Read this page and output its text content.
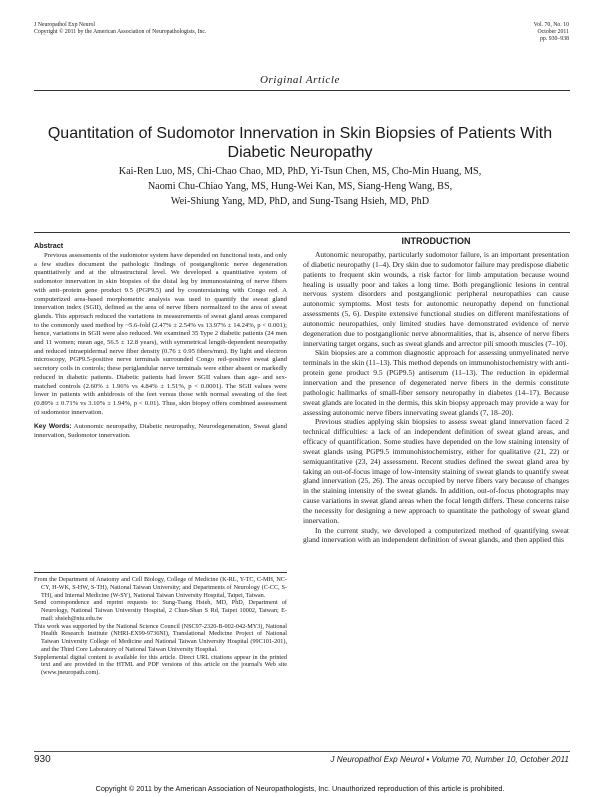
J Neuropathol Exp Neurol
Copyright © 2011 by the American Association of Neuropathologists, Inc.
Vol. 70, No. 10
October 2011
pp. 930–938
Original Article
Quantitation of Sudomotor Innervation in Skin Biopsies of Patients With Diabetic Neuropathy
Kai-Ren Luo, MS, Chi-Chao Chao, MD, PhD, Yi-Tsun Chen, MS, Cho-Min Huang, MS,
Naomi Chu-Chiao Yang, MS, Hung-Wei Kan, MS, Siang-Heng Wang, BS,
Wei-Shiung Yang, MD, PhD, and Sung-Tsang Hsieh, MD, PhD
Abstract

Previous assessments of the sudomotor system have depended on functional tests, and only a few studies document the pathologic findings of postganglionic nerve degeneration quantitatively and at the ultrastructural level. We developed a quantitative system of sudomotor innervation in skin biopsies of the distal leg by immunostaining of nerve fibers with anti–protein gene product 9.5 (PGP9.5) and by counterstaining with Congo red. A computerized area-based morphometric analysis was used to quantify the sweat gland innervation index (SGII), defined as the area of nerve fibers normalized to the area of sweat glands. This approach reduced the variations in measurements of sweat gland areas compared to the commonly used method by ~5.6-fold (2.47% ± 2.54% vs 13.97% ± 14.24%, p < 0.001); hence, variations in SGII were also reduced. We examined 35 Type 2 diabetic patients (24 men and 11 women; mean age, 56.5 ± 12.8 years), with symmetrical length-dependent neuropathy and reduced intraepidermal nerve fiber density (0.76 ± 0.95 fibers/mm). By light and electron microscopy, PGP9.5-positive nerve terminals surrounded Congo red–positive sweat gland secretory coils in controls; these periglandular nerve terminals were either absent or markedly reduced in diabetic patients. Diabetic patients had lower SGII values than age- and sex-matched controls (2.60% ± 1.96% vs 4.84% ± 1.51%, p < 0.0001). The SGII values were lower in patients with anhidrosis of the feet versus those with normal sweating of the feet (0.89% ± 0.71% vs 3.10% ± 1.94%, p < 0.01). Thus, skin biopsy offers combined assessment of sudomotor innervation.

Key Words: Autonomic neuropathy, Diabetic neuropathy, Neurodegeneration, Sweat gland innervation, Sudomotor innervation.

From the Department of Anatomy and Cell Biology, College of Medicine (K-RL, Y-TC, C-MH, NC-CY, H-WK, S-HW, S-TH), National Taiwan University; and Departments of Neurology (C-CC, S-TH), and Internal Medicine (W-SY), National Taiwan University Hospital, Taipei, Taiwan.

Send correspondence and reprint requests to: Sung-Tsang Hsieh, MD, PhD, Department of Neurology, National Taiwan University Hospital, 2 Chun-Shan S Rd, Taipei 10002, Taiwan; E-mail: shsieh@ntu.edu.tw

This work was supported by the National Science Council (NSC97-2320-B-002-042-MY3), National Health Research Institute (NHRI-EX99-9736NI), Translational Medicine Project of National Taiwan University College of Medicine and National Taiwan University Hospital (99C101-201), and the Third Core Laboratory of National Taiwan University Hospital.

Supplemental digital content is available for this article. Direct URL citations appear in the printed text and are provided in the HTML and PDF versions of this article on the journal's Web site (www.jneuropath.com).

INTRODUCTION

Autonomic neuropathy, particularly sudomotor failure, is an important presentation of diabetic neuropathy (1–4). Dry skin due to sudomotor failure may predispose diabetic patients to frequent skin wounds, a risk factor for limb amputation because wound healing is usually poor and takes a long time. Both preganglionic lesions in central nervous system disorders and postganglionic peripheral neuropathies can cause autonomic symptoms. Most tests for autonomic neuropathy depend on functional assessments (5, 6). Despite extensive functional studies on different manifestations of autonomic neuropathies, only limited studies have demonstrated evidence of nerve degeneration due to postganglionic nerve abnormalities, that is, absence of nerve fibers innervating target organs, such as sweat glands and arrector pili smooth muscles (7–10).

Skin biopsies are a common diagnostic approach for assessing unmyelinated nerve terminals in the skin (11–13). This method depends on immunohistochemistry with anti-protein gene product 9.5 (PGP9.5) antiserum (11–13). The reduction in epidermal innervation and the presence of degenerated nerve fibers in the dermis constitute pathologic hallmarks of small-fiber sensory neuropathy in diabetes (14–17). Because sweat glands are located in the dermis, this skin biopsy approach may provide a way for assessing autonomic nerve fibers innervating sweat glands (7, 18–20).

Previous studies applying skin biopsies to assess sweat gland innervation faced 2 technical difficulties: a lack of an independent definition of sweat gland areas, and efficacy of quantification. Some studies have depended on the low staining intensity of sweat glands using PGP9.5 immunohistochemistry, either for qualitative (21, 22) or semiquantitative (23, 24) assessment. Recent studies defined the sweat gland area by taking an out-of-focus image of low-intensity staining of sweat glands to quantify sweat gland innervation (25, 26). The areas occupied by nerve fibers vary because of changes in the staining intensity of the sweat glands. In addition, out-of-focus photographs may cause variations in sweat gland areas when the focal length differs. These concerns raise the necessity for designing a new approach to quantitate the pathology of sweat gland innervation.

In the current study, we developed a computerized method of quantifying sweat gland innervation with an independent definition of sweat glands, and then applied this

930	J Neuropathol Exp Neurol • Volume 70, Number 10, October 2011
Copyright © 2011 by the American Association of Neuropathologists, Inc. Unauthorized reproduction of this article is prohibited.
